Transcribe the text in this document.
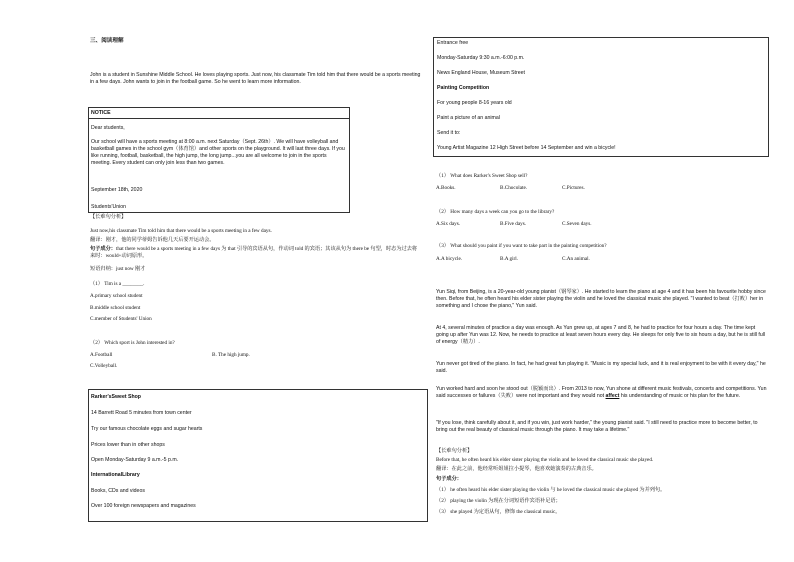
三、阅读理解
John is a student in Sunshine Middle School. He loves playing sports. Just now, his classmate Tim told him that there would be a sports meeting in a few days. John wants to join in the football game. So he went to learn more information.
NOTICE
Dear students,
Our school will have a sports meeting at 8:00 a.m. next Saturday（Sept. 26th）. We will have volleyball and basketball games in the school gym（体育馆）and other sports on the playground. It will last three days. If you like running, football, basketball, the high jump, the long jump...you are all welcome to join in the sports meeting. Every student can only join less than two games.
September 18th, 2020
Students'Union
【长难句分析】
Just now,his classmate Tim told him that there would be a sports meeting in a few days.
翻译：刚才，他的同学蒂姆告诉他几天后要开运动会。
句子成分：that there would be a sports meeting in a few days 为 that 引导的宾语从句，作动词 told 的宾语；其该从句为 there be 句型，时态为过去将来时：would+动词原形。
短语归纳：just now 刚才
（1） Tim is a ________.
A.primary school student
B.middle school student
C.member of Students' Union
（2） Which sport is John interested in?
A.Football	B. The high jump.
C.Volleyball.
Rarker'sSweet Shop
14 Barrett Road 5 minutes from town center
Try our famous chocolate eggs and sugar hearts
Prices lower than in other shops
Open Monday-Saturday 9 a.m.-5 p.m.
InternationalLibrary
Books, CDs and videos
Over 100 foreign newspapers and magazines
Entrance free
Monday-Saturday 9:30 a.m.-6:00 p.m.
News England House, Museum Street
Painting Competition
For young people 8-16 years old
Paint a picture of an animal
Send it to:
Young Artist Magazine 12 High Street before 14 September and win a bicycle!
（1） What does Rarker's Sweet Shop sell?
A.Books.	B.Chocolate.	C.Pictures.
（2） How many days a week can you go to the library?
A.Six days.	B.Five days.	C.Seven days.
（3） What should you paint if you want to take part in the painting competition?
A.A bicycle.	B.A girl.	C.An animal.
Yun Siqi, from Beijing, is a 20-year-old young pianist（钢琴家）. He started to learn the piano at age 4 and it has been his favourite hobby since then. Before that, he often heard his elder sister playing the violin and he loved the classical music she played. "I wanted to beat（打败）her in something and I chose the piano," Yun said.
At 4, several minutes of practice a day was enough. As Yun grew up, at ages 7 and 8, he had to practice for four hours a day. The time kept going up after Yun was 12. Now, he needs to practice at least seven hours every day. He sleeps for only five to six hours a day, but he is still full of energy（精力）.
Yun never got tired of the piano. In fact, he had great fun playing it. "Music is my special luck, and it is real enjoyment to be with it every day," he said.
Yun worked hard and soon he stood out（脱颖而出）. From 2013 to now, Yun shone at different music festivals, concerts and competitions. Yun said successes or failures（失败）were not important and they would not affect his understanding of music or his plan for the future.
"If you lose, think carefully about it, and if you win, just work harder," the young pianist said. "I still need to practice more to become better, to bring out the real beauty of classical music through the piano. It may take a lifetime."
【长难句分析】
Before that, he often heard his elder sister playing the violin and he loved the classical music she played.
翻译：在此之前，他经常听姐姐拉小提琴，他喜欢她演奏的古典音乐。
句子成分：
（1） he often heard his elder sister playing the violin 与 he loved the classical music she played 为并列句。
（2） playing the violin 为现在分词短语作宾语补足语；
（3） she played 为定语从句，修饰 the classical music。
